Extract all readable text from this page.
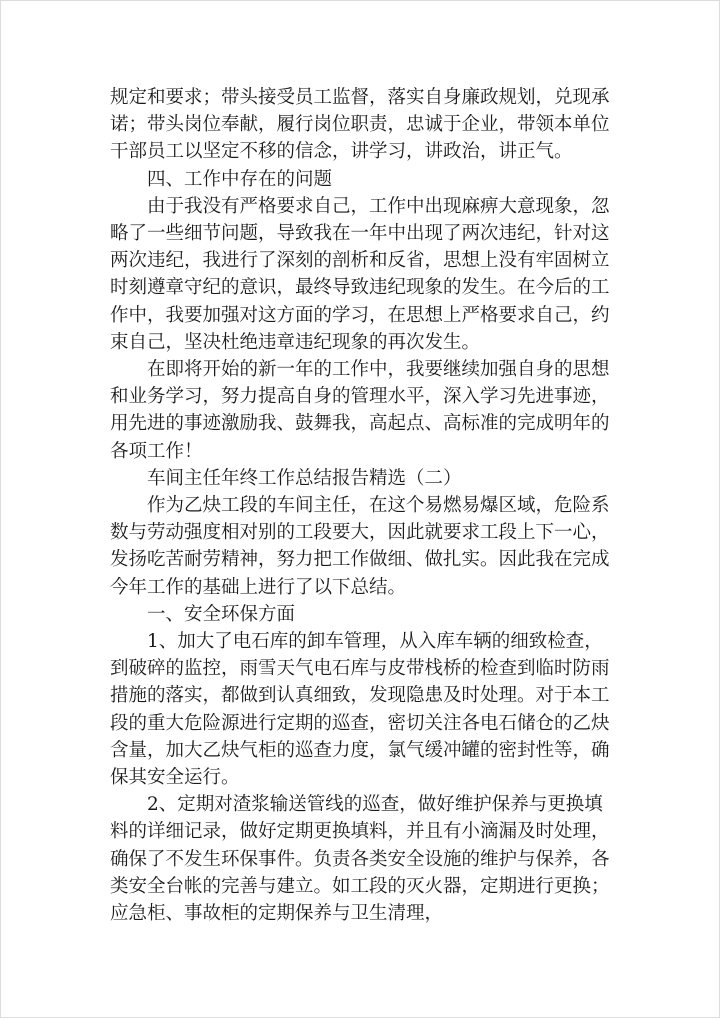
规定和要求；带头接受员工监督，落实自身廉政规划，兑现承诺；带头岗位奉献，履行岗位职责，忠诚于企业，带领本单位干部员工以坚定不移的信念，讲学习，讲政治，讲正气。

四、工作中存在的问题

由于我没有严格要求自己，工作中出现麻痹大意现象，忽略了一些细节问题，导致我在一年中出现了两次违纪，针对这两次违纪，我进行了深刻的剖析和反省，思想上没有牢固树立时刻遵章守纪的意识，最终导致违纪现象的发生。在今后的工作中，我要加强对这方面的学习，在思想上严格要求自己，约束自己，坚决杜绝违章违纪现象的再次发生。

在即将开始的新一年的工作中，我要继续加强自身的思想和业务学习，努力提高自身的管理水平，深入学习先进事迹，用先进的事迹激励我、鼓舞我，高起点、高标准的完成明年的各项工作！

车间主任年终工作总结报告精选（二）

作为乙炔工段的车间主任，在这个易燃易爆区域，危险系数与劳动强度相对别的工段要大，因此就要求工段上下一心，发扬吃苦耐劳精神，努力把工作做细、做扎实。因此我在完成今年工作的基础上进行了以下总结。

一、安全环保方面

1、加大了电石库的卸车管理，从入库车辆的细致检查，到破碎的监控，雨雪天气电石库与皮带栈桥的检查到临时防雨措施的落实，都做到认真细致，发现隐患及时处理。对于本工段的重大危险源进行定期的巡查，密切关注各电石储仓的乙炔含量，加大乙炔气柜的巡查力度，氯气缓冲罐的密封性等，确保其安全运行。

2、定期对渣浆输送管线的巡查，做好维护保养与更换填料的详细记录，做好定期更换填料，并且有小滴漏及时处理，确保了不发生环保事件。负责各类安全设施的维护与保养，各类安全台帐的完善与建立。如工段的灭火器，定期进行更换；应急柜、事故柜的定期保养与卫生清理，
